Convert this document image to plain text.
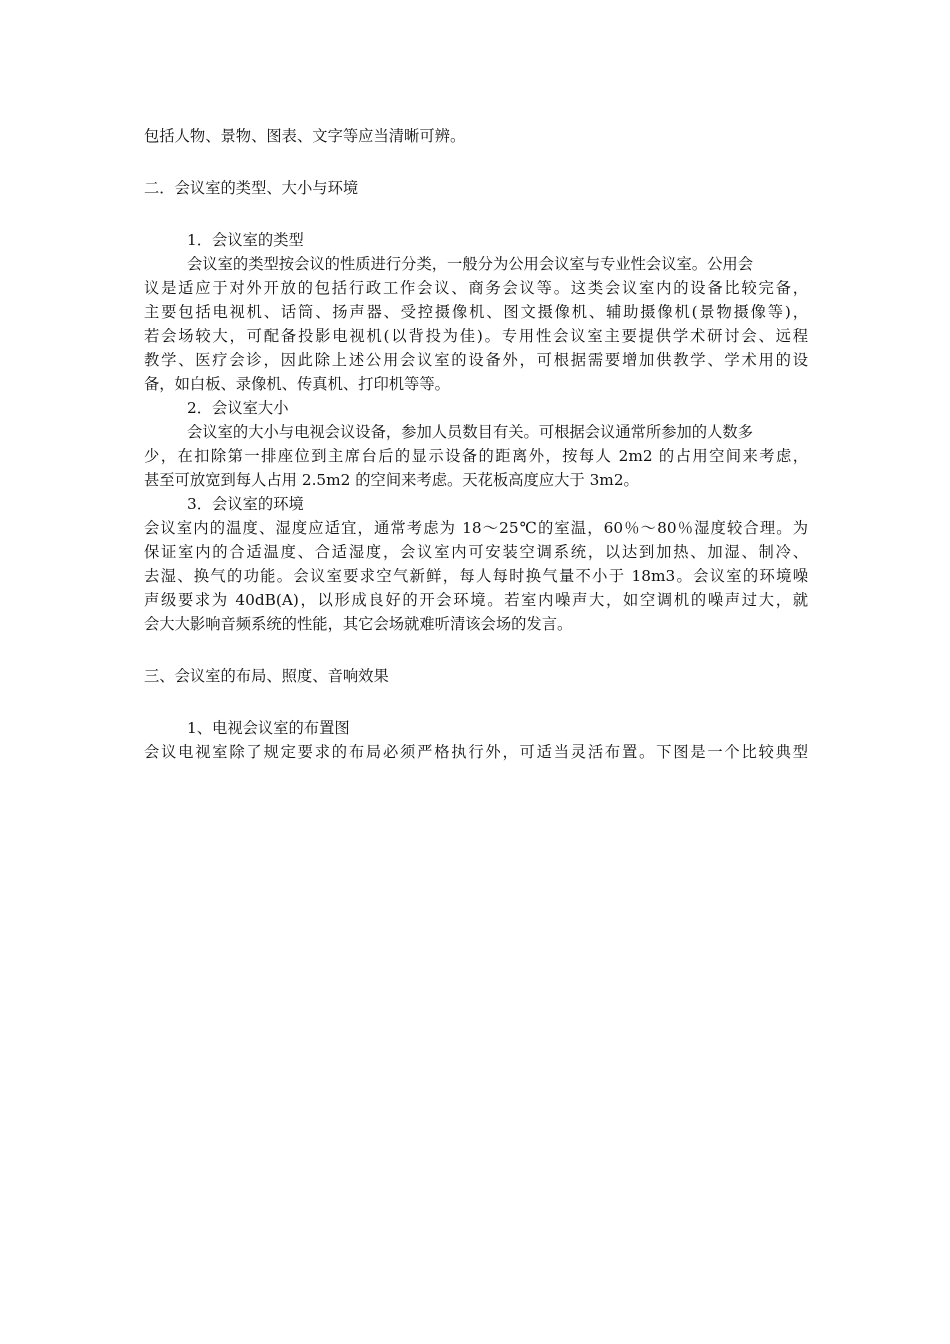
包括人物、景物、图表、文字等应当清晰可辨。
二．会议室的类型、大小与环境
1．会议室的类型
会议室的类型按会议的性质进行分类，一般分为公用会议室与专业性会议室。公用会
议是适应于对外开放的包括行政工作会议、商务会议等。这类会议室内的设备比较完备，
主要包括电视机、话筒、扬声器、受控摄像机、图文摄像机、辅助摄像机(景物摄像等)，
若会场较大，可配备投影电视机(以背投为佳)。专用性会议室主要提供学术研讨会、远程
教学、医疗会诊，因此除上述公用会议室的设备外，可根据需要增加供教学、学术用的设
备，如白板、录像机、传真机、打印机等等。
2．会议室大小
会议室的大小与电视会议设备，参加人员数目有关。可根据会议通常所参加的人数多
少，在扣除第一排座位到主席台后的显示设备的距离外，按每人 2m2 的占用空间来考虑，
甚至可放宽到每人占用 2.5m2 的空间来考虑。天花板高度应大于 3m2。
3．会议室的环境
会议室内的温度、湿度应适宜，通常考虑为 18～25℃的室温，60％～80％湿度较合理。为
保证室内的合适温度、合适湿度，会议室内可安装空调系统，以达到加热、加湿、制冷、
去湿、换气的功能。会议室要求空气新鲜，每人每时换气量不小于 18m3。会议室的环境噪
声级要求为 40dB(A)，以形成良好的开会环境。若室内噪声大，如空调机的噪声过大，就
会大大影响音频系统的性能，其它会场就难听清该会场的发言。
三、会议室的布局、照度、音响效果
1、电视会议室的布置图
会议电视室除了规定要求的布局必须严格执行外，可适当灵活布置。下图是一个比较典型
